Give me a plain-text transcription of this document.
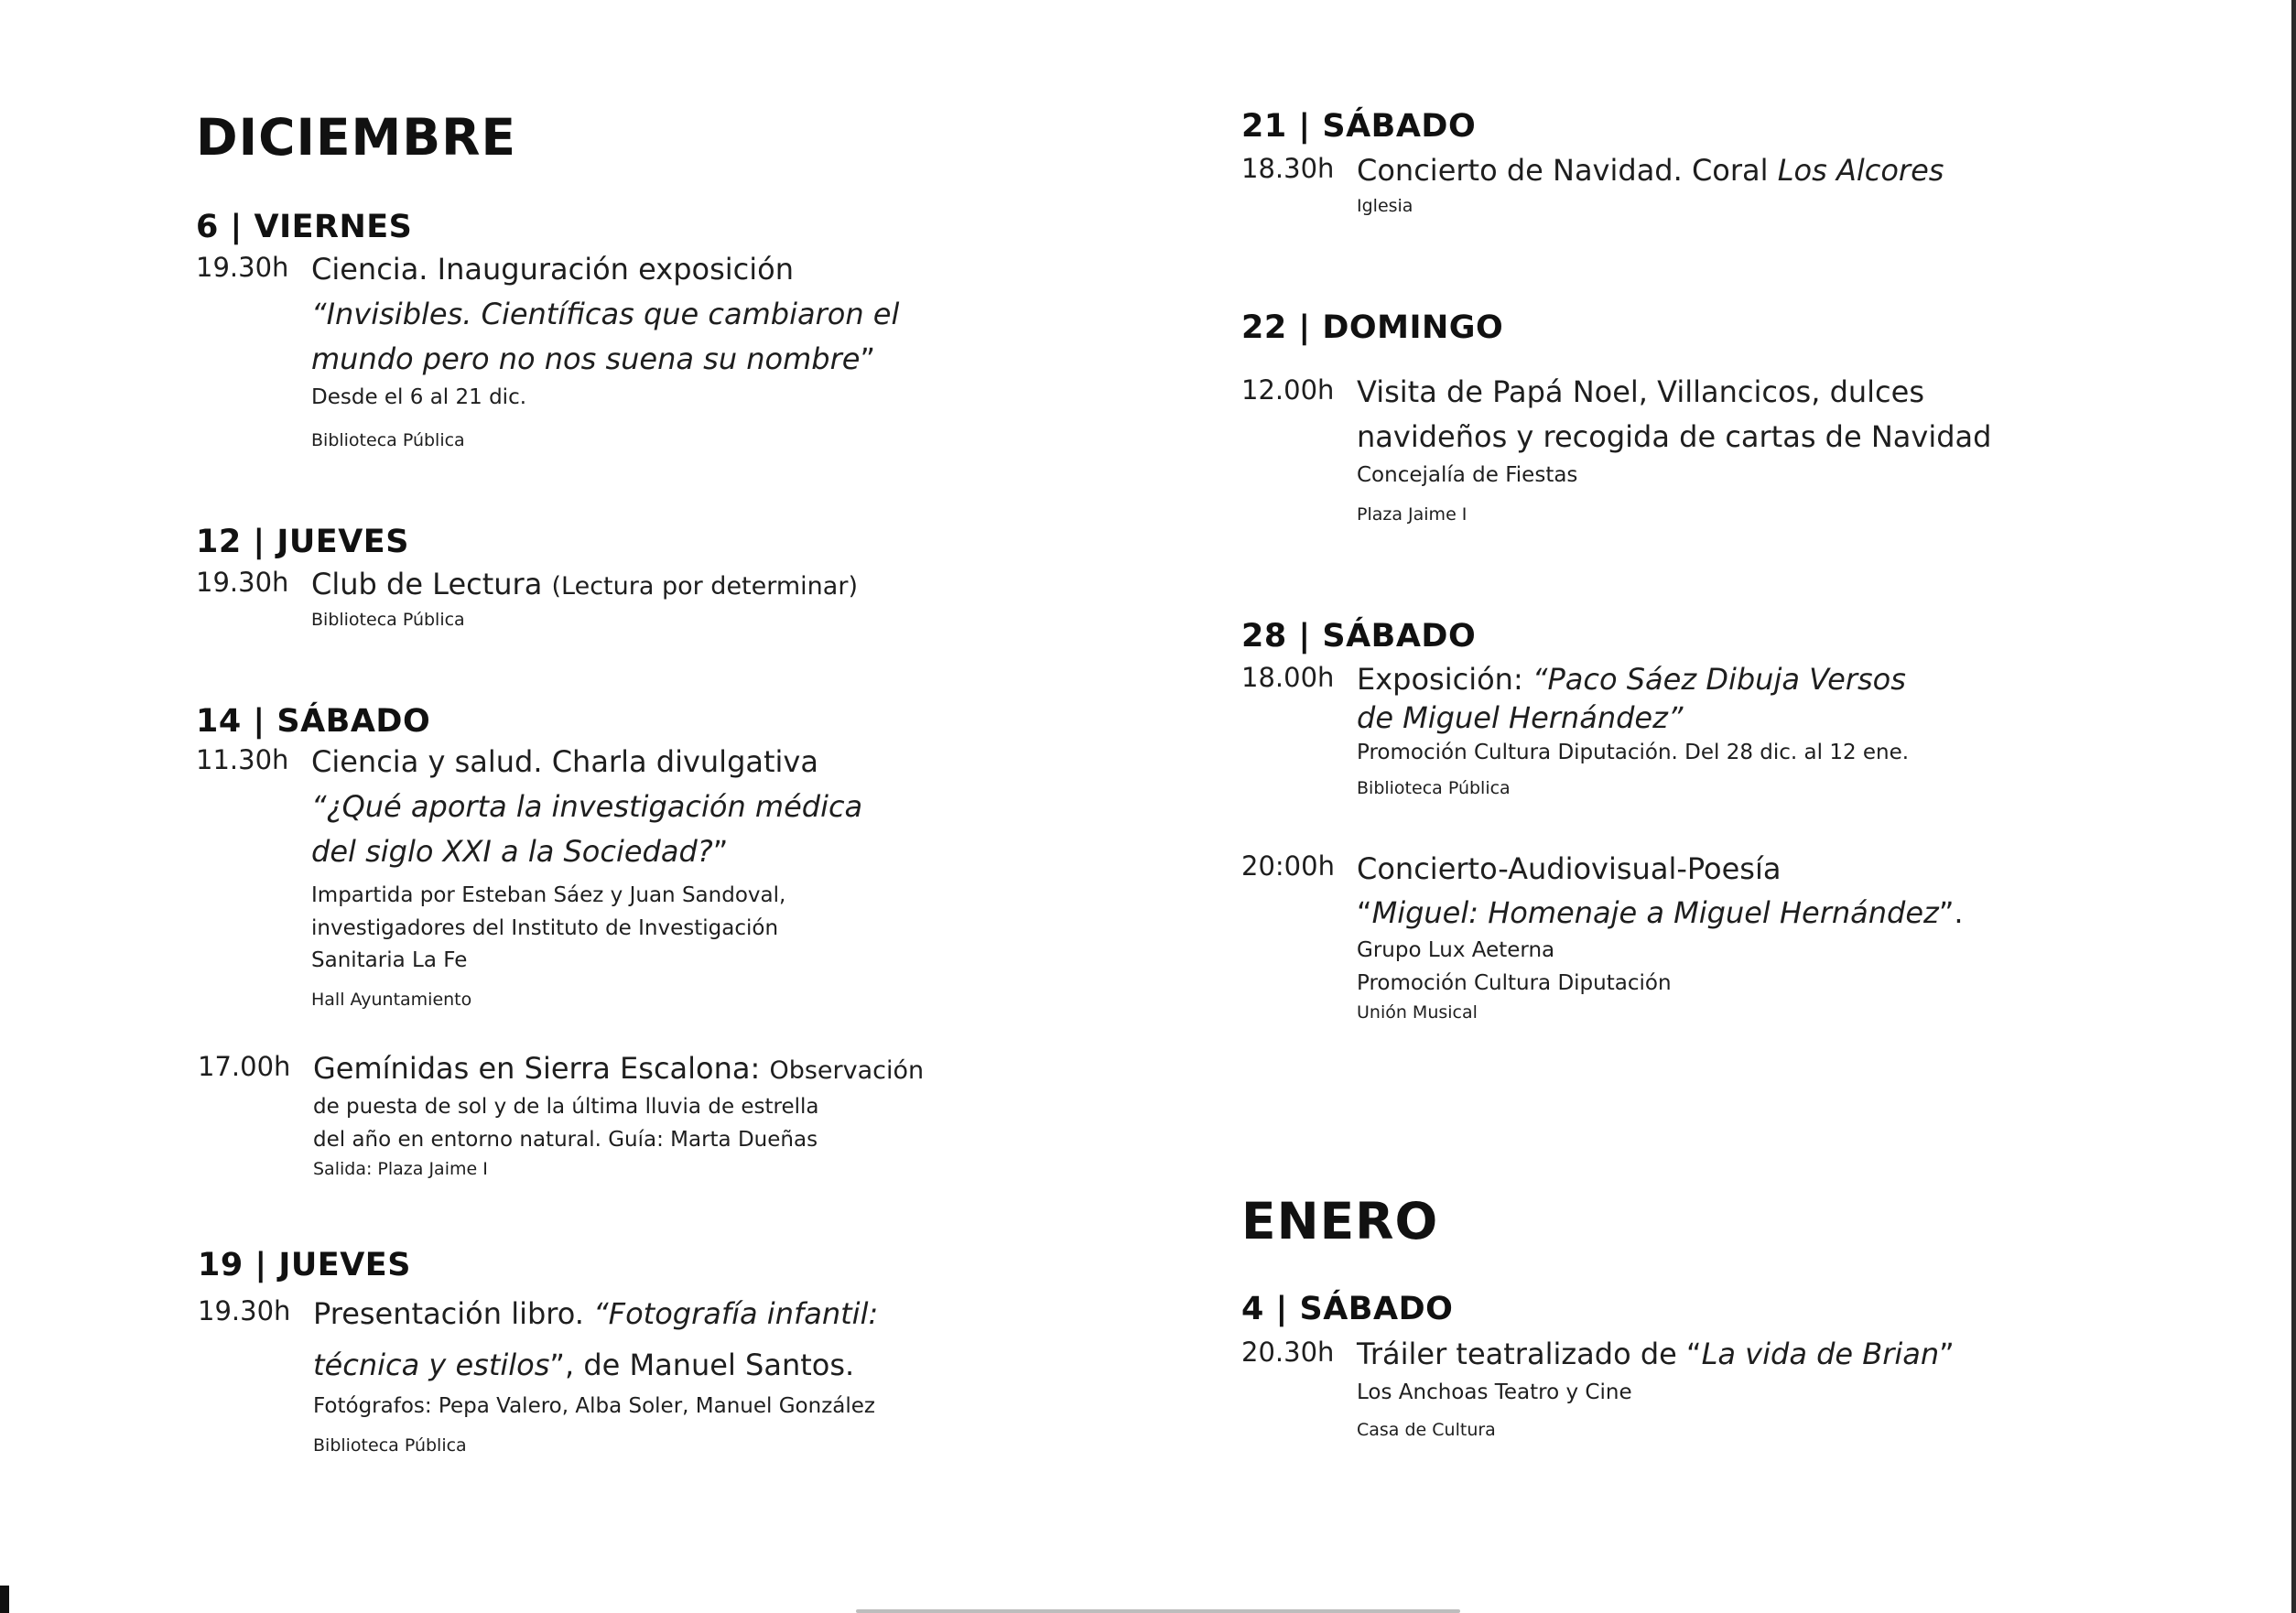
DICIEMBRE
6 | VIERNES
19.30h Ciencia. Inauguración exposición
“Invisibles. Científicas que cambiaron el
mundo pero no nos suena su nombre”
Desde el 6 al 21 dic.
Biblioteca Pública
12 | JUEVES
19.30h Club de Lectura (Lectura por determinar)
Biblioteca Pública
14 | SÁBADO
11.30h Ciencia y salud. Charla divulgativa
“¿Qué aporta la investigación médica
del siglo XXI a la Sociedad?”
Impartida por Esteban Sáez y Juan Sandoval,
investigadores del Instituto de Investigación
Sanitaria La Fe
Hall Ayuntamiento
17.00h Gemínidas en Sierra Escalona: Observación
de puesta de sol y de la última lluvia de estrella
del año en entorno natural. Guía: Marta Dueñas
Salida: Plaza Jaime I
19 | JUEVES
19.30h Presentación libro. “Fotografía infantil:
técnica y estilos”, de Manuel Santos.
Fotógrafos: Pepa Valero, Alba Soler, Manuel González
Biblioteca Pública
21 | SÁBADO
18.30h Concierto de Navidad. Coral Los Alcores
Iglesia
22 | DOMINGO
12.00h Visita de Papá Noel, Villancicos, dulces
navideños y recogida de cartas de Navidad
Concejalía de Fiestas
Plaza Jaime I
28 | SÁBADO
18.00h Exposición: “Paco Sáez Dibuja Versos
de Miguel Hernández”
Promoción Cultura Diputación. Del 28 dic. al 12 ene.
Biblioteca Pública
20:00h Concierto-Audiovisual-Poesía
“Miguel: Homenaje a Miguel Hernández”.
Grupo Lux Aeterna
Promoción Cultura Diputación
Unión Musical
ENERO
4 | SÁBADO
20.30h Tráiler teatralizado de “La vida de Brian”
Los Anchoas Teatro y Cine
Casa de Cultura
